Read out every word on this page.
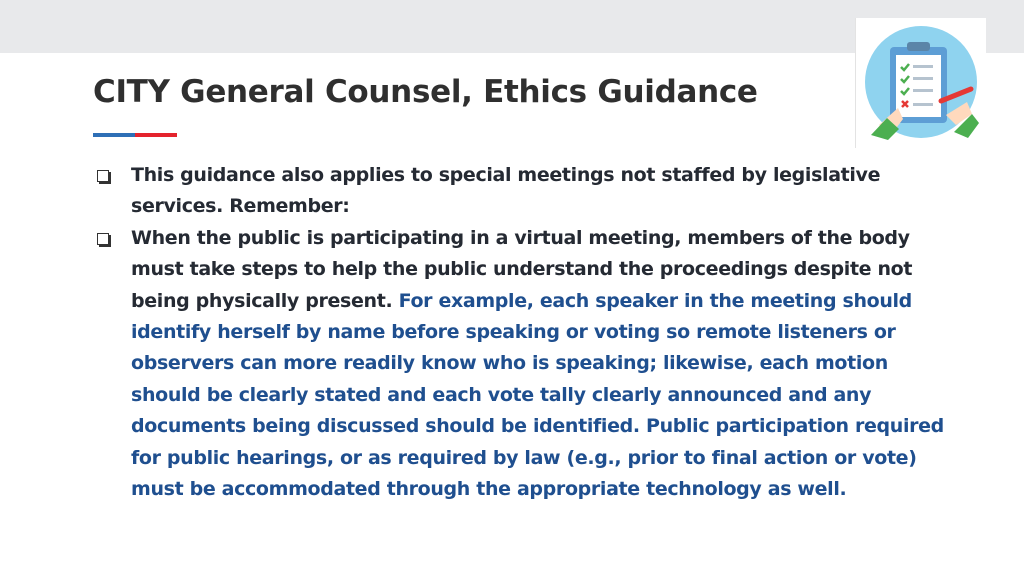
CITY General Counsel, Ethics Guidance
This guidance also applies to special meetings not staffed by legislative services. Remember:
When the public is participating in a virtual meeting, members of the body must take steps to help the public understand the proceedings despite not being physically present. For example, each speaker in the meeting should identify herself by name before speaking or voting so remote listeners or observers can more readily know who is speaking; likewise, each motion should be clearly stated and each vote tally clearly announced and any documents being discussed should be identified. Public participation required for public hearings, or as required by law (e.g., prior to final action or vote) must be accommodated through the appropriate technology as well.
